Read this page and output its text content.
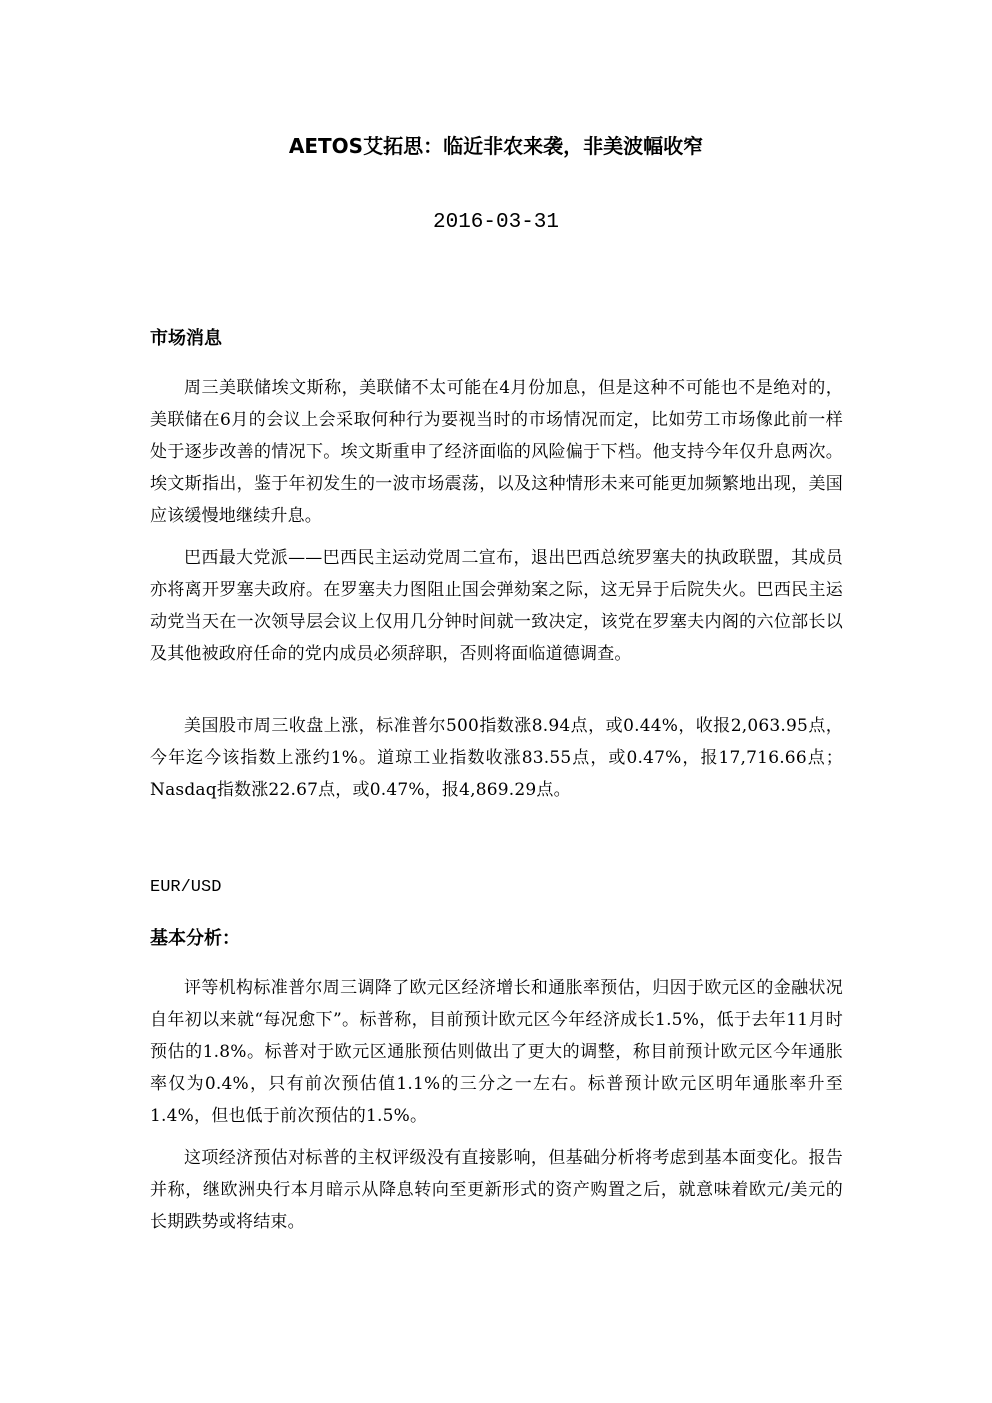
AETOS艾拓思：临近非农来袭，非美波幅收窄
2016-03-31
市场消息

周三美联储埃文斯称，美联储不太可能在4月份加息，但是这种不可能也不是绝对的，美联储在6月的会议上会采取何种行为要视当时的市场情况而定，比如劳工市场像此前一样处于逐步改善的情况下。埃文斯重申了经济面临的风险偏于下档。他支持今年仅升息两次。埃文斯指出，鉴于年初发生的一波市场震荡，以及这种情形未来可能更加频繁地出现，美国应该缓慢地继续升息。

巴西最大党派——巴西民主运动党周二宣布，退出巴西总统罗塞夫的执政联盟，其成员亦将离开罗塞夫政府。在罗塞夫力图阻止国会弹劾案之际，这无异于后院失火。巴西民主运动党当天在一次领导层会议上仅用几分钟时间就一致决定，该党在罗塞夫内阁的六位部长以及其他被政府任命的党内成员必须辞职，否则将面临道德调查。

美国股市周三收盘上涨，标准普尔500指数涨8.94点，或0.44%，收报2,063.95点，今年迄今该指数上涨约1%。道琼工业指数收涨83.55点，或0.47%，报17,716.66点；Nasdaq指数涨22.67点，或0.47%，报4,869.29点。

EUR/USD
基本分析：

评等机构标准普尔周三调降了欧元区经济增长和通胀率预估，归因于欧元区的金融状况自年初以来就“每况愈下”。标普称，目前预计欧元区今年经济成长1.5%，低于去年11月时预估的1.8%。标普对于欧元区通胀预估则做出了更大的调整，称目前预计欧元区今年通胀率仅为0.4%，只有前次预估值1.1%的三分之一左右。标普预计欧元区明年通胀率升至1.4%，但也低于前次预估的1.5%。

这项经济预估对标普的主权评级没有直接影响，但基础分析将考虑到基本面变化。报告并称，继欧洲央行本月暗示从降息转向至更新形式的资产购置之后，就意味着欧元/美元的长期跌势或将结束。
